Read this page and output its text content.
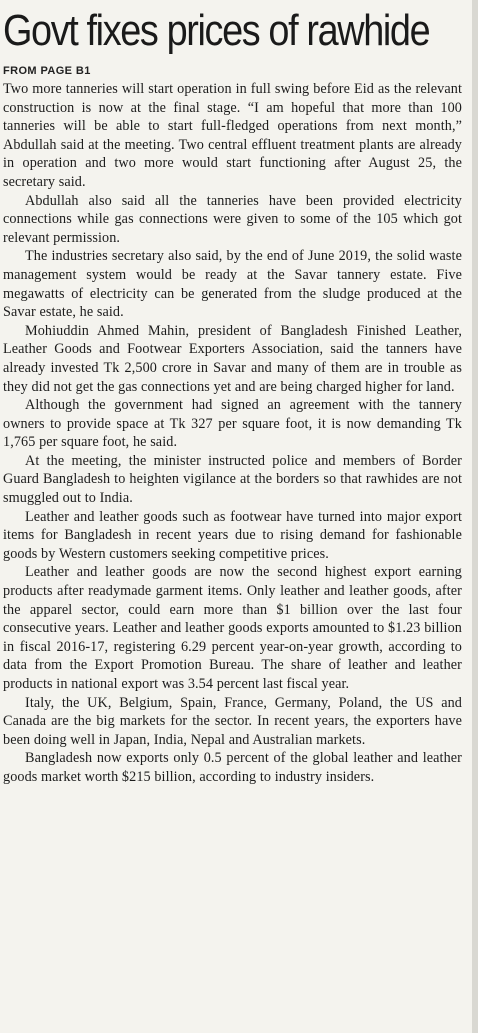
Govt fixes prices of rawhide
FROM PAGE B1

Two more tanneries will start operation in full swing before Eid as the relevant construction is now at the final stage. “I am hopeful that more than 100 tanneries will be able to start full-fledged operations from next month,” Abdullah said at the meeting. Two central effluent treatment plants are already in operation and two more would start functioning after August 25, the secretary said.

Abdullah also said all the tanneries have been provided electricity connections while gas connections were given to some of the 105 which got relevant permission.

The industries secretary also said, by the end of June 2019, the solid waste management system would be ready at the Savar tannery estate. Five megawatts of electricity can be generated from the sludge produced at the Savar estate, he said.

Mohiuddin Ahmed Mahin, president of Bangladesh Finished Leather, Leather Goods and Footwear Exporters Association, said the tanners have already invested Tk 2,500 crore in Savar and many of them are in trouble as they did not get the gas connections yet and are being charged higher for land.

Although the government had signed an agreement with the tannery owners to provide space at Tk 327 per square foot, it is now demanding Tk 1,765 per square foot, he said.

At the meeting, the minister instructed police and members of Border Guard Bangladesh to heighten vigilance at the borders so that rawhides are not smuggled out to India.

Leather and leather goods such as footwear have turned into major export items for Bangladesh in recent years due to rising demand for fashionable goods by Western customers seeking competitive prices.

Leather and leather goods are now the second highest export earning products after readymade garment items. Only leather and leather goods, after the apparel sector, could earn more than $1 billion over the last four consecutive years. Leather and leather goods exports amounted to $1.23 billion in fiscal 2016-17, registering 6.29 percent year-on-year growth, according to data from the Export Promotion Bureau. The share of leather and leather products in national export was 3.54 percent last fiscal year.

Italy, the UK, Belgium, Spain, France, Germany, Poland, the US and Canada are the big markets for the sector. In recent years, the exporters have been doing well in Japan, India, Nepal and Australian markets.

Bangladesh now exports only 0.5 percent of the global leather and leather goods market worth $215 billion, according to industry insiders.
